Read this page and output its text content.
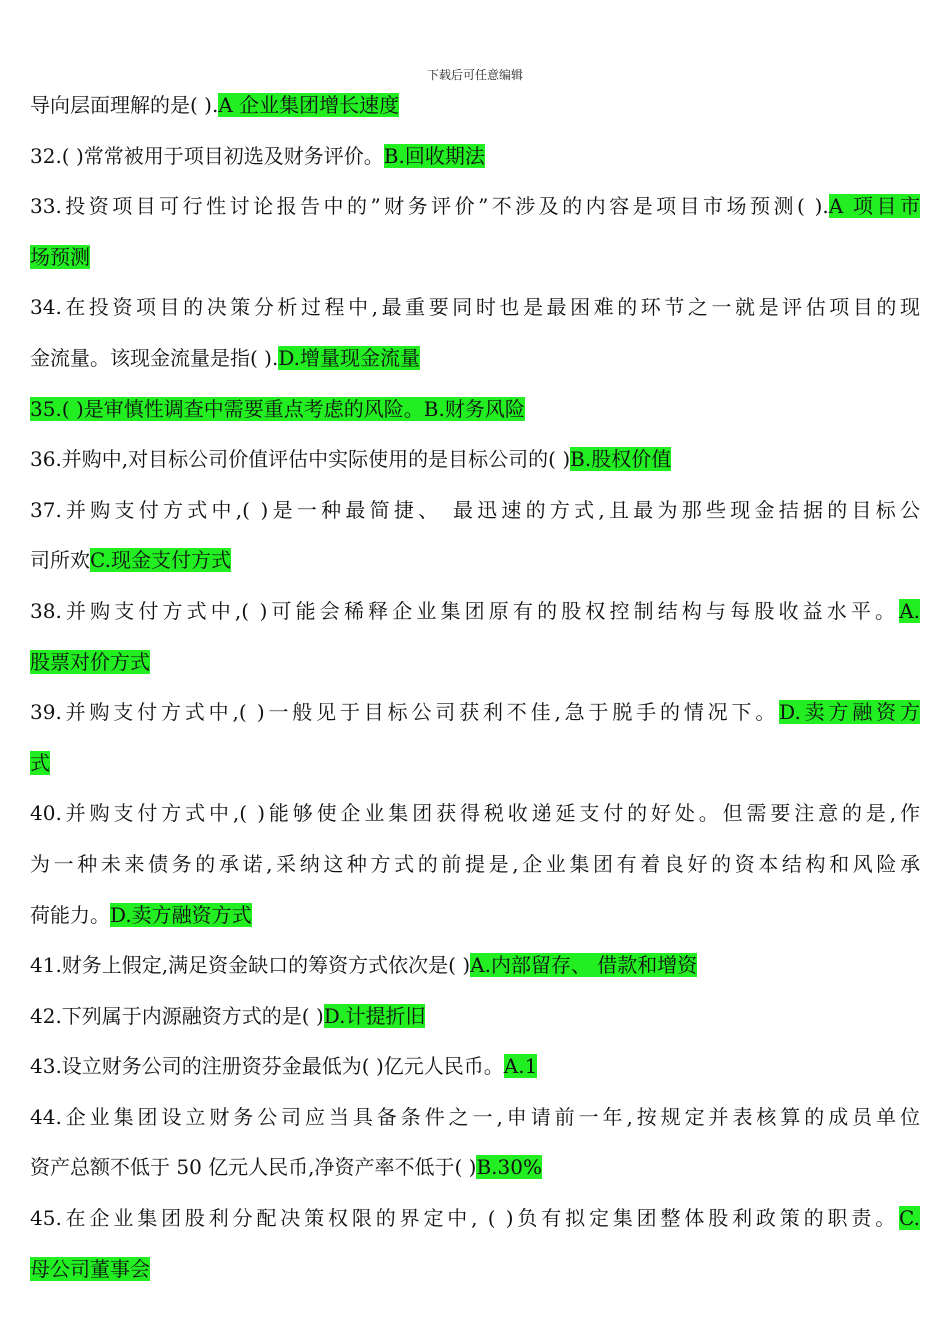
下载后可任意编辑
导向层面理解的是( ).A 企业集团增长速度
32.( )常常被用于项目初选及财务评价。B.回收期法
33.投资项目可行性讨论报告中的”财务评价”不涉及的内容是项目市场预测( ).A 项目市
场预测
34.在投资项目的决策分析过程中,最重要同时也是最困难的环节之一就是评估项目的现
金流量。该现金流量是指( ).D.增量现金流量
35.( )是审慎性调查中需要重点考虑的风险。B.财务风险
36.并购中,对目标公司价值评估中实际使用的是目标公司的( )B.股权价值
37.并购支付方式中,( )是一种最简捷、 最迅速的方式,且最为那些现金拮据的目标公
司所欢C.现金支付方式
38.并购支付方式中,( )可能会稀释企业集团原有的股权控制结构与每股收益水平。A.
股票对价方式
39.并购支付方式中,( )一般见于目标公司获利不佳,急于脱手的情况下。D.卖方融资方
式
40.并购支付方式中,( )能够使企业集团获得税收递延支付的好处。但需要注意的是,作
为一种未来债务的承诺,采纳这种方式的前提是,企业集团有着良好的资本结构和风险承
荷能力。D.卖方融资方式
41.财务上假定,满足资金缺口的筹资方式依次是( )A.内部留存、 借款和增资
42.下列属于内源融资方式的是( )D.计提折旧
43.设立财务公司的注册资芬金最低为( )亿元人民币。A.1
44.企业集团设立财务公司应当具备条件之一,申请前一年,按规定并表核算的成员单位
资产总额不低于 50 亿元人民币,净资产率不低于( )B.30%
45.在企业集团股利分配决策权限的界定中, ( )负有拟定集团整体股利政策的职责。C.
母公司董事会
